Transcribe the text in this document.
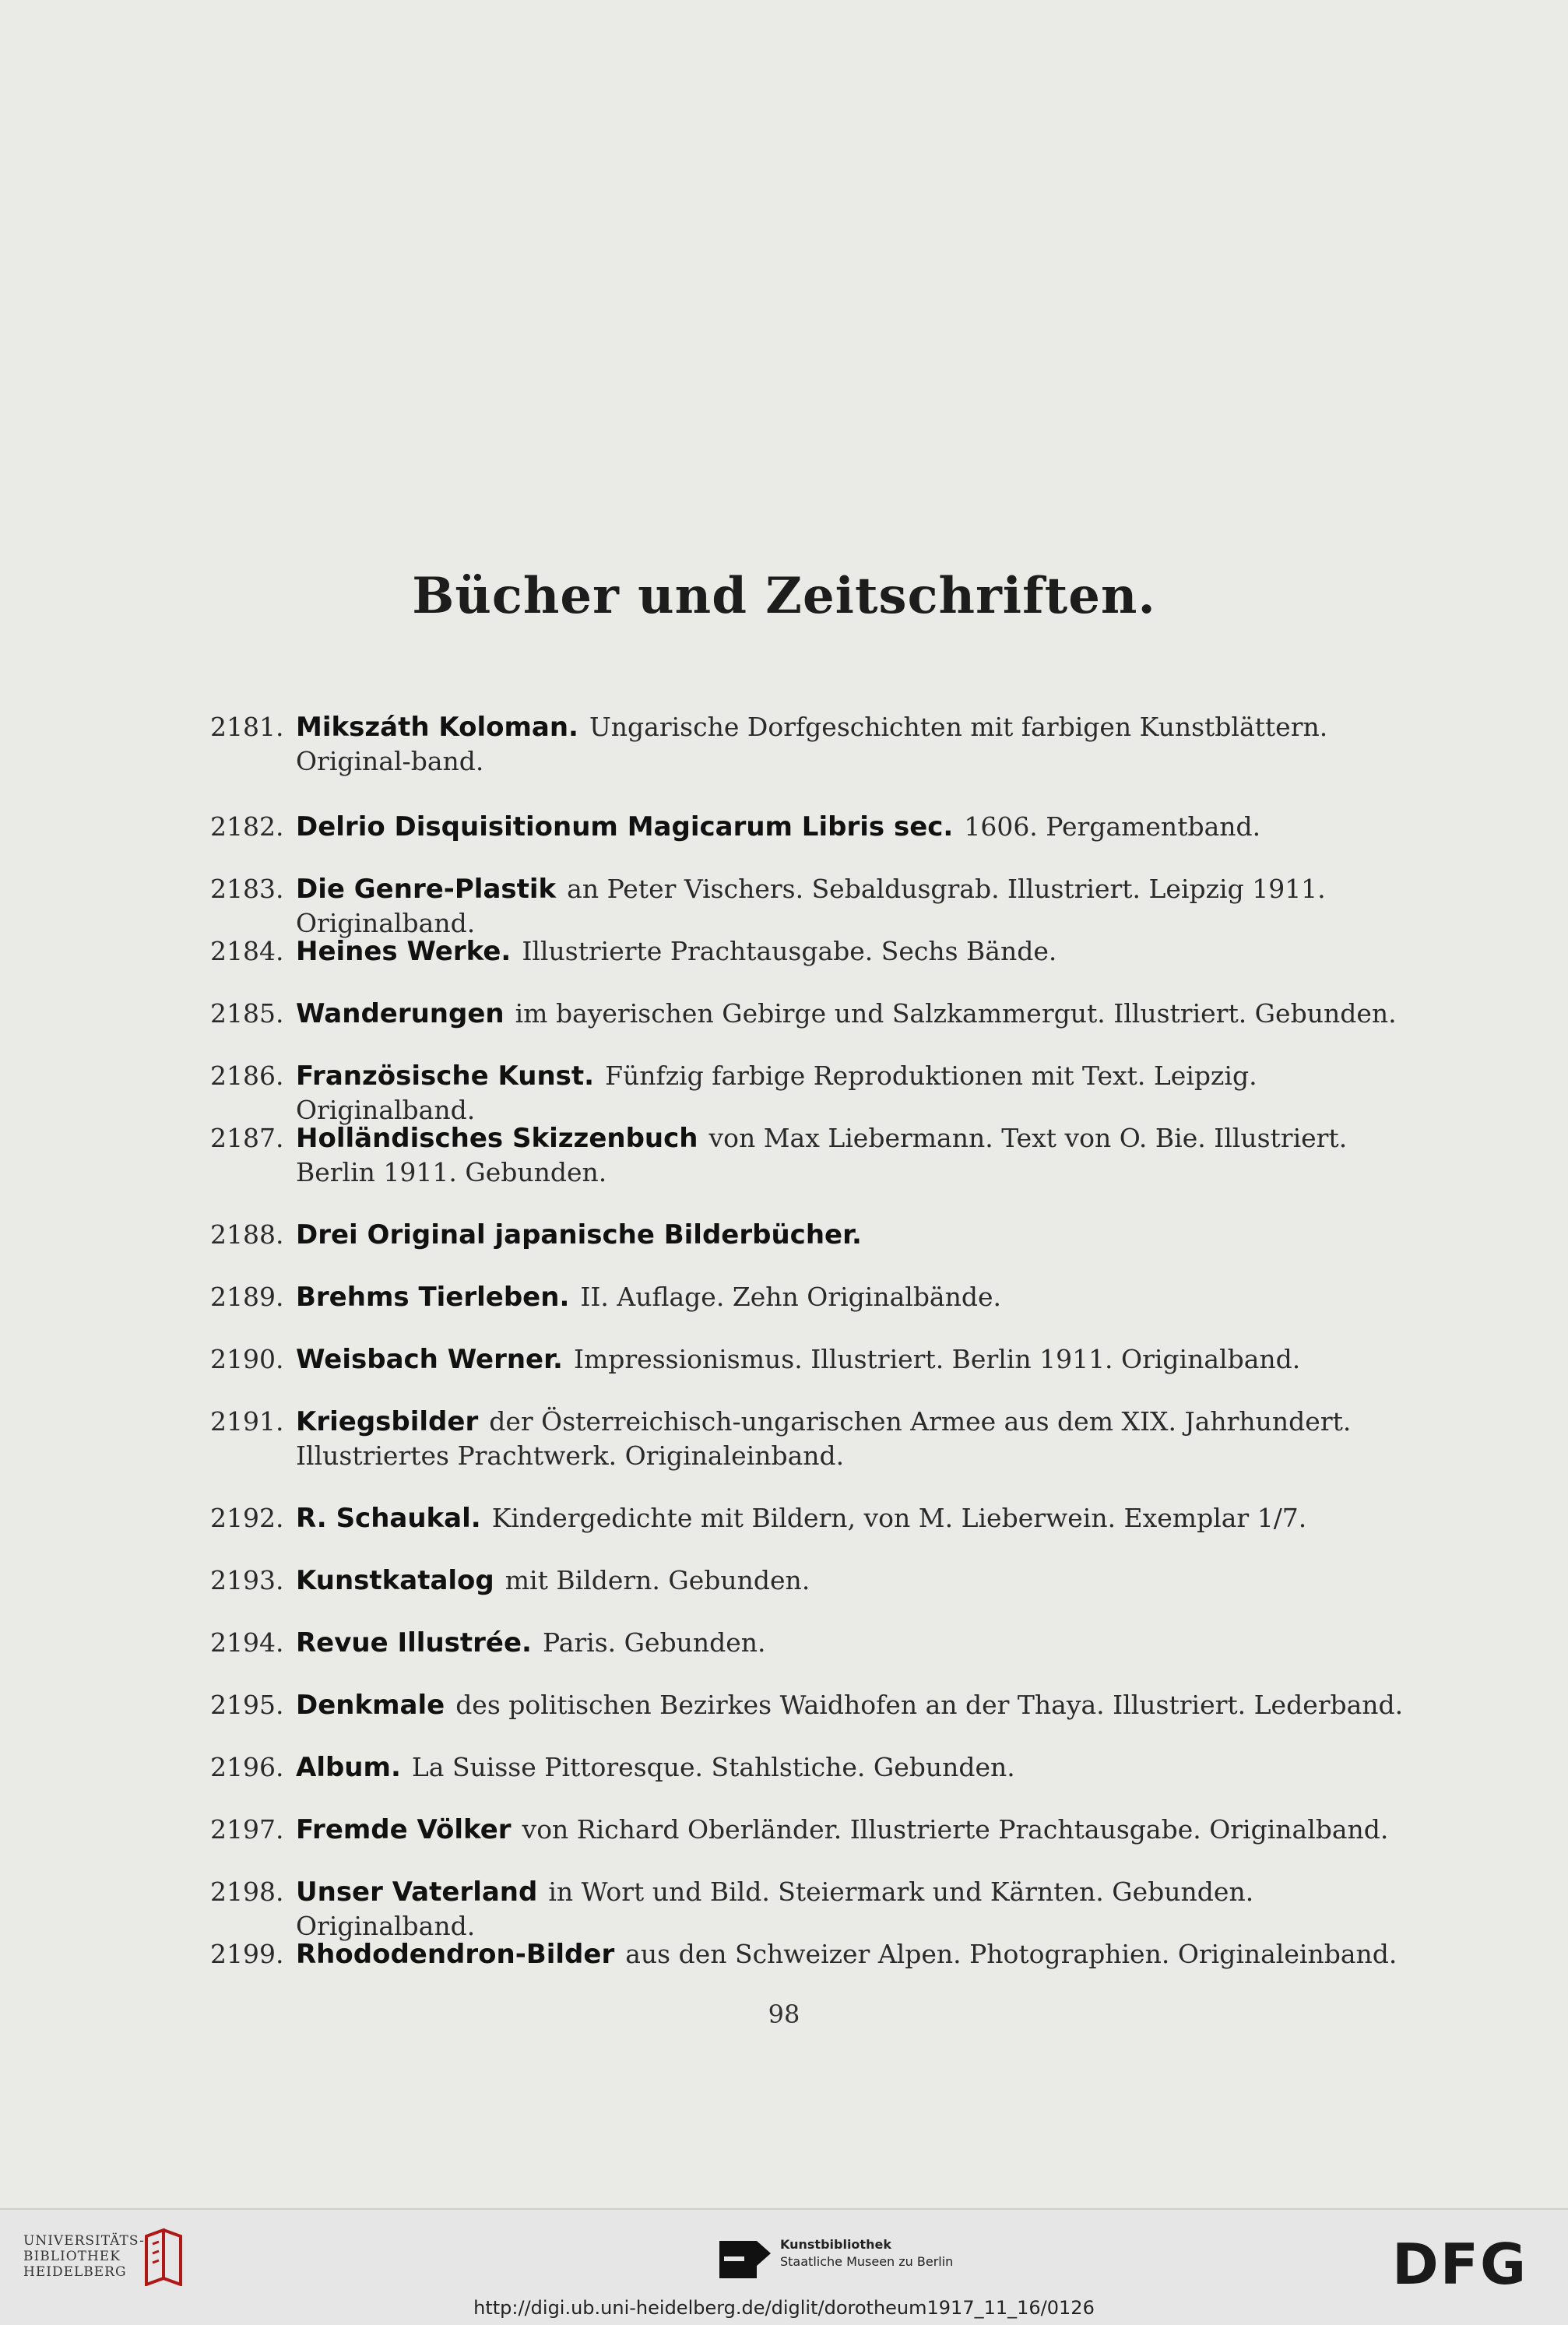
Bücher und Zeitschriften.
2181. Mikszáth Koloman. Ungarische Dorfgeschichten mit farbigen Kunstblättern. Original-band.
2182. Delrio Disquisitionum Magicarum Libris sec. 1606. Pergamentband.
2183. Die Genre-Plastik an Peter Vischers. Sebaldusgrab. Illustriert. Leipzig 1911. Originalband.
2184. Heines Werke. Illustrierte Prachtausgabe. Sechs Bände.
2185. Wanderungen im bayerischen Gebirge und Salzkammergut. Illustriert. Gebunden.
2186. Französische Kunst. Fünfzig farbige Reproduktionen mit Text. Leipzig. Originalband.
2187. Holländisches Skizzenbuch von Max Liebermann. Text von O. Bie. Illustriert. Berlin 1911. Gebunden.
2188. Drei Original japanische Bilderbücher.
2189. Brehms Tierleben. II. Auflage. Zehn Originalbände.
2190. Weisbach Werner. Impressionismus. Illustriert. Berlin 1911. Originalband.
2191. Kriegsbilder der Österreichisch-ungarischen Armee aus dem XIX. Jahrhundert. Illustriertes Prachtwerk. Originaleinband.
2192. R. Schaukal. Kindergedichte mit Bildern, von M. Lieberwein. Exemplar 1/7.
2193. Kunstkatalog mit Bildern. Gebunden.
2194. Revue Illustrée. Paris. Gebunden.
2195. Denkmale des politischen Bezirkes Waidhofen an der Thaya. Illustriert. Lederband.
2196. Album. La Suisse Pittoresque. Stahlstiche. Gebunden.
2197. Fremde Völker von Richard Oberländer. Illustrierte Prachtausgabe. Originalband.
2198. Unser Vaterland in Wort und Bild. Steiermark und Kärnten. Gebunden. Originalband.
2199. Rhododendron-Bilder aus den Schweizer Alpen. Photographien. Originaleinband.
98
UNIVERSITÄTS-
BIBLIOTHEK
HEIDELBERG
Kunstbibliothek
Staatliche Museen zu Berlin	DFG
http://digi.ub.uni-heidelberg.de/diglit/dorotheum1917_11_16/0126
